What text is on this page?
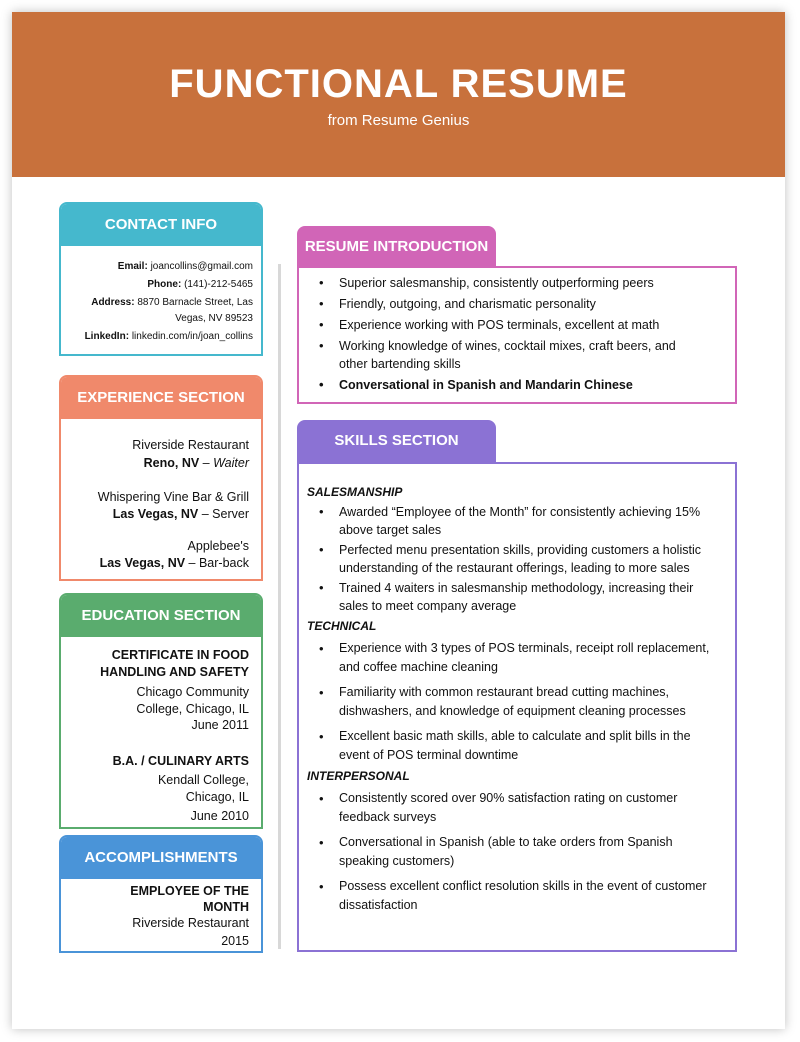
FUNCTIONAL RESUME
from Resume Genius
CONTACT INFO
Email: joancollins@gmail.com
Phone: (141)-212-5465
Address: 8870 Barnacle Street, Las
Vegas, NV 89523
LinkedIn: linkedin.com/in/joan_collins
EXPERIENCE SECTION
Riverside Restaurant
Reno, NV – Waiter
Whispering Vine Bar & Grill
Las Vegas, NV – Server
Applebee's
Las Vegas, NV – Bar-back
EDUCATION SECTION
CERTIFICATE IN FOOD
HANDLING AND SAFETY
Chicago Community
College, Chicago, IL
June 2011
B.A. / CULINARY ARTS
Kendall College,
Chicago, IL
June 2010
ACCOMPLISHMENTS
EMPLOYEE OF THE
MONTH
Riverside Restaurant
2015
RESUME INTRODUCTION
• Superior salesmanship, consistently outperforming peers
• Friendly, outgoing, and charismatic personality
• Experience working with POS terminals, excellent at math
• Working knowledge of wines, cocktail mixes, craft beers, and other bartending skills
• Conversational in Spanish and Mandarin Chinese
SKILLS SECTION
SALESMANSHIP
• Awarded “Employee of the Month” for consistently achieving 15% above target sales
• Perfected menu presentation skills, providing customers a holistic understanding of the restaurant offerings, leading to more sales
• Trained 4 waiters in salesmanship methodology, increasing their sales to meet company average
TECHNICAL
• Experience with 3 types of POS terminals, receipt roll replacement, and coffee machine cleaning
• Familiarity with common restaurant bread cutting machines, dishwashers, and knowledge of equipment cleaning processes
• Excellent basic math skills, able to calculate and split bills in the event of POS terminal downtime
INTERPERSONAL
• Consistently scored over 90% satisfaction rating on customer feedback surveys
• Conversational in Spanish (able to take orders from Spanish speaking customers)
• Possess excellent conflict resolution skills in the event of customer dissatisfaction
